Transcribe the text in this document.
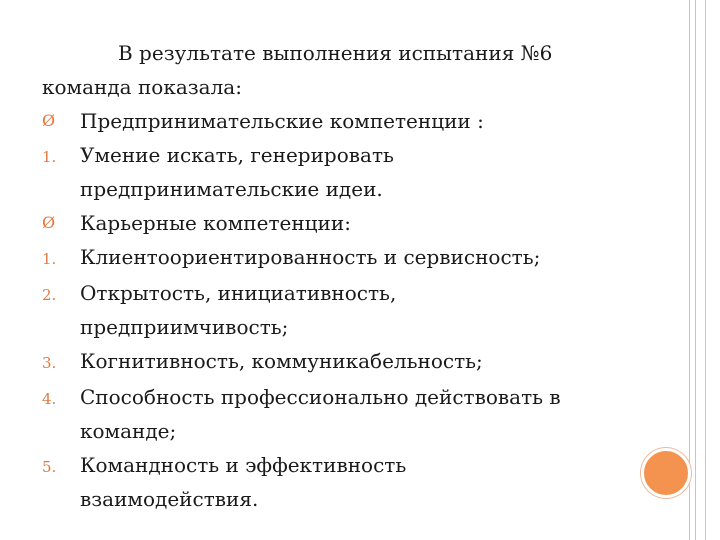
В результате выполнения испытания №6

команда показала:

Ø	Предпринимательские компетенции :
1.	Умение искать, генерировать
предпринимательские идеи.
Ø	Карьерные компетенции:
1.	Клиентоориентированность и сервисность;
2.	Открытость, инициативность,
предприимчивость;
3.	Когнитивность, коммуникабельность;
4.	Способность профессионально действовать в
команде;
5.	Командность и эффективность
взаимодействия.
